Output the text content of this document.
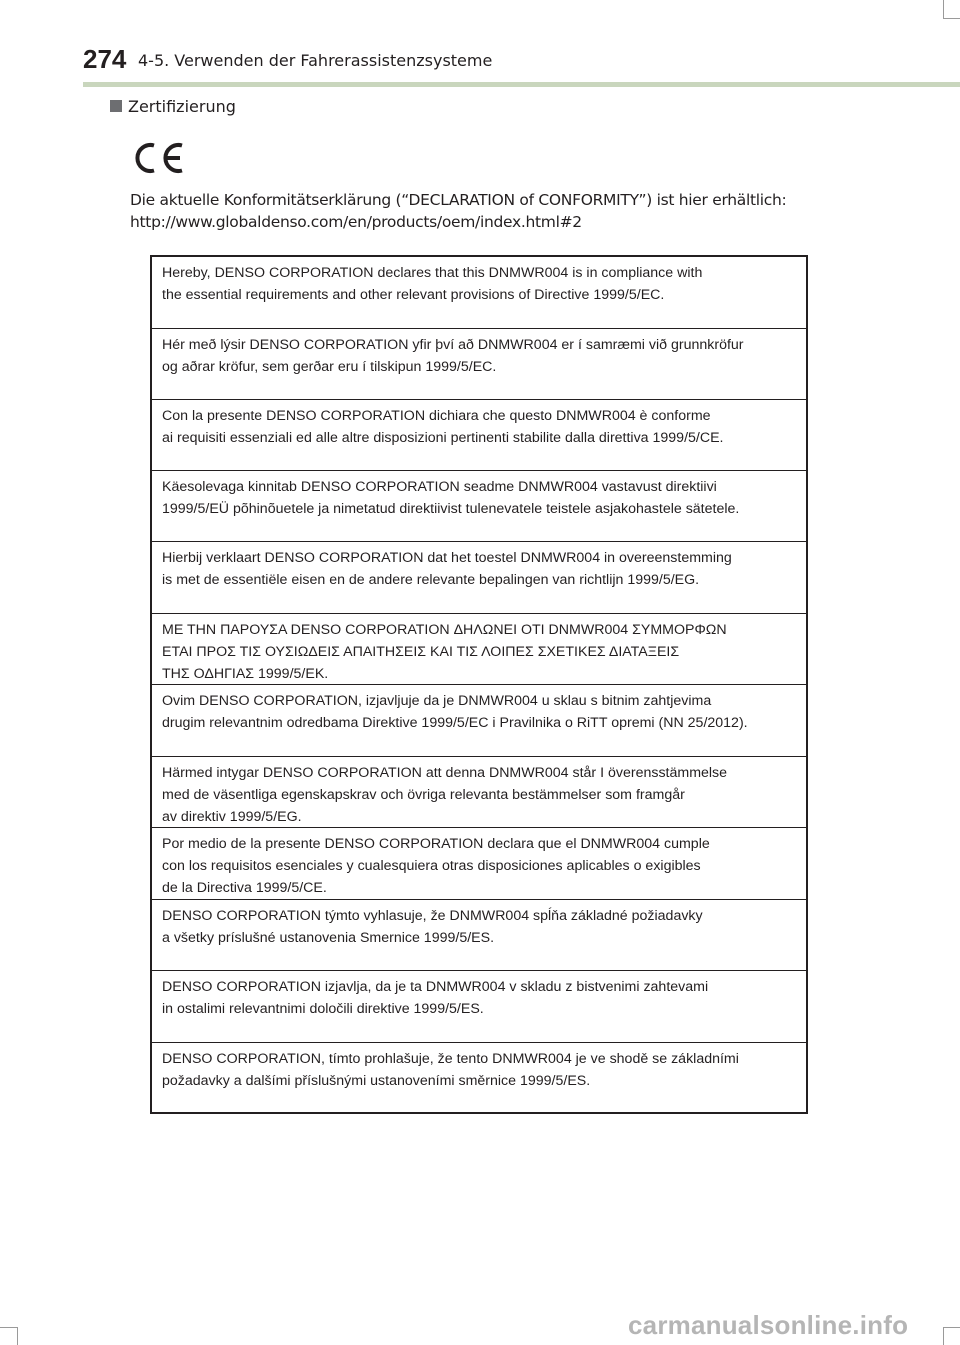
274 4-5. Verwenden der Fahrerassistenzsysteme
Zertifizierung
Die aktuelle Konformitätserklärung (“DECLARATION of CONFORMITY”) ist hier erhältlich:
http://www.globaldenso.com/en/products/oem/index.html#2
Hereby, DENSO CORPORATION declares that this DNMWR004 is in compliance with
the essential requirements and other relevant provisions of Directive 1999/5/EC.
Hér með lýsir DENSO CORPORATION yfir því að DNMWR004 er í samræmi við grunnkröfur
og aðrar kröfur, sem gerðar eru í tilskipun 1999/5/EC.
Con la presente DENSO CORPORATION dichiara che questo DNMWR004 è conforme
ai requisiti essenziali ed alle altre disposizioni pertinenti stabilite dalla direttiva 1999/5/CE.
Käesolevaga kinnitab DENSO CORPORATION seadme DNMWR004 vastavust direktiivi
1999/5/EÜ põhinõuetele ja nimetatud direktiivist tulenevatele teistele asjakohastele sätetele.
Hierbij verklaart DENSO CORPORATION dat het toestel DNMWR004 in overeenstemming
is met de essentiële eisen en de andere relevante bepalingen van richtlijn 1999/5/EG.
ΜΕ ΤΗΝ ΠΑΡΟΥΣΑ DENSO CORPORATION ΔΗΛΩΝΕΙ ΟΤΙ DNMWR004 ΣΥΜΜΟΡΦΩΝ
ΕΤΑΙ ΠΡΟΣ ΤΙΣ ΟΥΣΙΩΔΕΙΣ ΑΠΑΙΤΗΣΕΙΣ ΚΑΙ ΤΙΣ ΛΟΙΠΕΣ ΣΧΕΤΙΚΕΣ ΔΙΑΤΑΞΕΙΣ
ΤΗΣ ΟΔΗΓΙΑΣ 1999/5/ΕΚ.
Ovim DENSO CORPORATION, izjavljuje da je DNMWR004 u sklau s bitnim zahtjevima
drugim relevantnim odredbama Direktive 1999/5/EC i Pravilnika o RiTT opremi (NN 25/2012).
Härmed intygar DENSO CORPORATION att denna DNMWR004 står I överensstämmelse
med de väsentliga egenskapskrav och övriga relevanta bestämmelser som framgår
av direktiv 1999/5/EG.
Por medio de la presente DENSO CORPORATION declara que el DNMWR004 cumple
con los requisitos esenciales y cualesquiera otras disposiciones aplicables o exigibles
de la Directiva 1999/5/CE.
DENSO CORPORATION týmto vyhlasuje, že DNMWR004 spĺňa základné požiadavky
a všetky príslušné ustanovenia Smernice 1999/5/ES.
DENSO CORPORATION izjavlja, da je ta DNMWR004 v skladu z bistvenimi zahtevami
in ostalimi relevantnimi določili direktive 1999/5/ES.
DENSO CORPORATION, tímto prohlašuje, že tento DNMWR004 je ve shodě se základními
požadavky a dalšími příslušnými ustanoveními směrnice 1999/5/ES.
carmanualsonline.info
